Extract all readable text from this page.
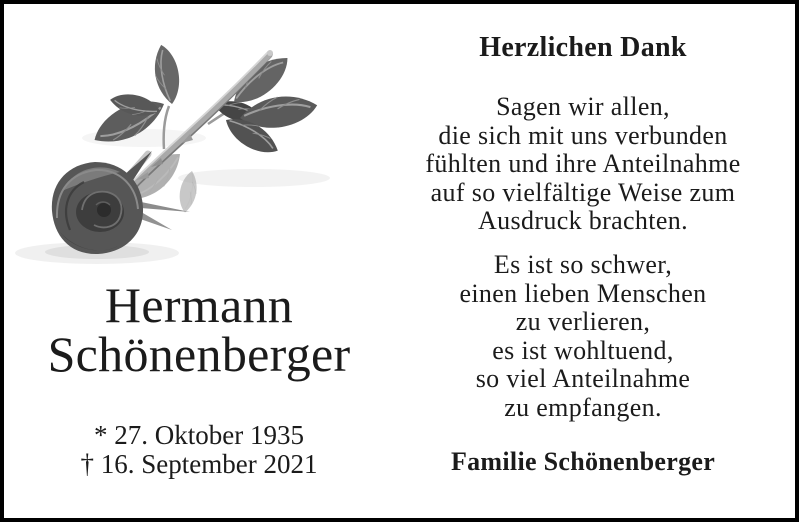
Hermann
Schönenberger
* 27. Oktober 1935
† 16. September 2021
Herzlichen Dank
Sagen wir allen,
die sich mit uns verbunden
fühlten und ihre Anteilnahme
auf so vielfältige Weise zum
Ausdruck brachten.
Es ist so schwer,
einen lieben Menschen
zu verlieren,
es ist wohltuend,
so viel Anteilnahme
zu empfangen.
Familie Schönenberger
